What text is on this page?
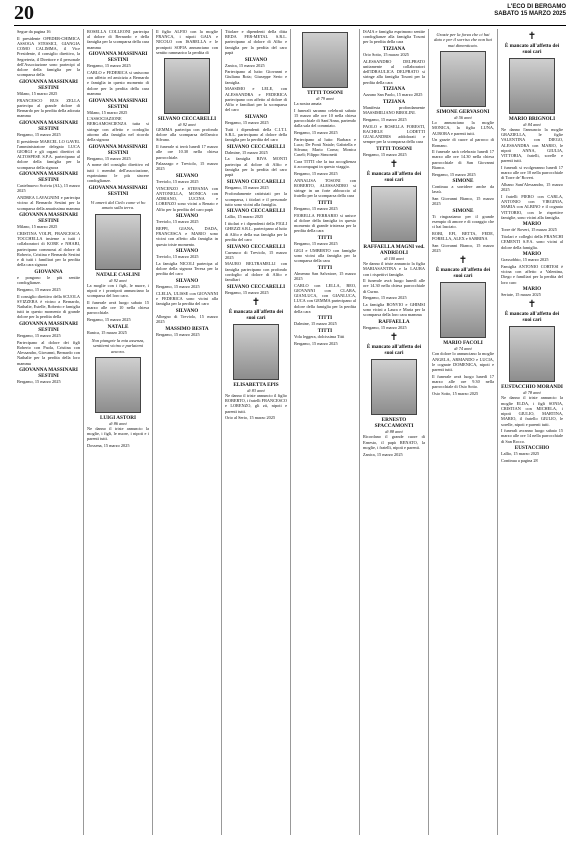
20	L'ECO DI BERGAMO
SABATO 15 MARZO 2025

Segue da pagina 16

Il presidente OPEDER-CHIMICA ASSOGA STESSICI, GIANGIA COMO CALIMMA, il Vice Presidente, il consiglio direttivo, la Segreteria, il Direttore e il personale dell'Associazione sono partecipi al dolore della famiglia per la scomparsa della

GIOVANNA MASSINARI SESTINI

Milano, 15 marzo 2025

FRANCESCO RUS ZELLA partecipa al grande dolore di Bernardo per la perdita della adorata mamma

GIOVANNA MASSINARI SESTINI

Bergamo, 15 marzo 2025

Il presidente MARCEL LO GAVEL l'amministratore delegato LUCA GIORGI e gli organi direttivi di ALTOSPESE S.P.A. partecipano al dolore della famiglia per la scomparsa della signora

GIOVANNA MASSINARI SESTINI

Castelnuovo Scrivia (AL), 15 marzo 2025

ANDREA LAVAGNINI e partecipa vicino al Bernardo Sestini per la scomparsa della amatissima mamma

GIOVANNA MASSINARI SESTINI

Milano, 15 marzo 2025

CRISTINA VOLPI, FRANCESCA TOCCHELLA insieme a tutti i collaboratori di KORE e NHABI, partecipano commossi al dolore di Roberto, Cristina e Bernardo Sestini e di tutti i familiari per la perdita della cara signora

GIOVANNA

e pongono le più sentite condoglianze.

Bergamo, 15 marzo 2025

Il consiglio direttivo della SCUOLA SVIZZERA è vicino a Bernardo, Nathalie, Estelle, Roberto e famiglia tutti in questo momento di grande dolore per la perdita della

GIOVANNA MASSINARI SESTINI

Bergamo, 15 marzo 2025

Partecipano al dolore dei figli Roberto con Paola, Cristina con Alessandro, Giovanni, Bernardo con Nathalie per la perdita della loro mamma

GIOVANNA MASSINARI SESTINI

Bergamo, 15 marzo 2025

ROSELLA COLLEONI partecipa al dolore di Bernardo e della famiglia per la scomparsa della cara mamma

GIOVANNA MASSINARI SESTINI

Bergamo, 15 marzo 2025

CARLO e FEDERICA si uniscono con affetto ed amicizia a Bernardo e famiglia in questo momento di dolore per la perdita della cara mamma

GIOVANNA MASSINARI SESTINI

Milano, 15 marzo 2025

L'ASSOCIAZIONE BERGAMOSCIENZA tutta si stringe con affetto e cordoglio attorno alla famiglia nel ricordo della signora

GIOVANNA MASSINARI SESTINI

Bergamo, 15 marzo 2025

A nome del consiglio direttivo ed tutti i membri dell'associazione, esprimiamo le più sincere condoglianze.

GIOVANNA MASSINARI SESTINI
Vi amerò dal Cielo come vi ho amato sulla terra.
NATALE CASLINI
di 92 anni

La moglie con i figli, le nuore, i nipoti e i pronipoti annunciano la scomparsa del loro caro.

Il funerale avrà luogo sabato 15 marzo alle ore 10 nella chiesa parrocchiale.

Bergamo, 15 marzo 2025

NATALE

Ranica, 15 marzo 2025

Non piangete la mia assenza, sentitemi vicino e parlatemi ancora.
LUIGI ASTORI
di 86 anni

Ne danno il triste annuncio la moglie, i figli, le nuore, i nipoti e i parenti tutti.

Dossena, 15 marzo 2025

Il figlio ALFIO con la moglie FRANCA, i nipoti GAIA e NICOLO con ISABELLA e le pronipoti SOFIA annunciano con sentito rammarico la perdita di

SILVANO CECCARELLI
di 92 anni

GEMMA partecipa con profondo dolore alla scomparsa dell'amico Silvano.

Il funerale si terrà lunedì 17 marzo alle ore 10.30 nella chiesa parrocchiale.

Palazzago e Treviolo, 15 marzo 2025

SILVANO

Treviolo, 15 marzo 2025

VINCENZO e STEFANIA con ANTONELLA, MONICA con ADRIANO, LUCINA e LORENZO sono vicini a Renato e Alfio per la perdita del caro papà

SILVANO

Treviolo, 15 marzo 2025

BEPPI, GIANA, DADA, FRANCESCA e MARIO sono vicini con affetto alla famiglia in questo triste momento.

SILVANO

Treviolo, 15 marzo 2025

La famiglia NICOLI partecipa al dolore della signora Teresa per la perdita del caro

SILVANO

Bergamo, 15 marzo 2025

CLELIA, ULISSE con GIOVANNI e FEDERICA sono vicini alla famiglia per la perdita del caro

SILVANO

Albegno di Treviolo, 15 marzo 2025

MASSIMO BESTA

Bergamo, 15 marzo 2025

Titolare e dipendenti della ditta REDA FER-METAL S.R.L. partecipano al dolore di Alfio e famiglia per la perdita del caro papà

SILVANO

Zanica, 15 marzo 2025

Partecipano al lutto: Giovanni e Giuliana Rota; Giuseppe Serio e famiglia.

MASSIMO e LELE, con ALESSANDRA e FEDERICA partecipano con affetto al dolore di Alfio e familiari per la scomparsa del caro

SILVANO

Bergamo, 15 marzo 2025

Tutti i dipendenti della C.I.T.I. S.R.L. partecipano al dolore della famiglia per la perdita del caro

SILVANO CECCARELLI

Dalmine, 15 marzo 2025

La famiglia RIVA MONTI partecipa al dolore di Alfio e famiglia per la perdita del caro papà

SILVANO CECCARELLI

Bergamo, 15 marzo 2025

Profondamente rattristati per la scomparsa, i titolari e il personale tutto sono vicini alla famiglia.

SILVANO CECCARELLI

Lallio, 15 marzo 2025

I titolari e i dipendenti della FIGLI GHEZZI S.R.L. partecipano al lutto di Alfio e della sua famiglia per la perdita del caro

SILVANO CECCARELLI

Curnasco di Treviolo, 15 marzo 2025

MAURO BELTRAMELLI con famiglia partecipano con profondo cordoglio al dolore di Alfio e familiari

SILVANO CECCARELLI

Bergamo, 15 marzo 2025

✝
È mancata all'affetto dei suoi cari
ELISABETTA EPIS
di 83 anni

Ne danno il triste annuncio il figlio ROBERTO, i fratelli FRANCESCO e LORENZO, gli zii, nipoti e parenti tutti.

Orio al Serio, 15 marzo 2025

TITTI TOSONI
di 79 anni

La nostra amata

I funerali saranno celebrati sabato 15 marzo alle ore 10 nella chiesa parrocchiale di Sant'Anna, partendo dalla sala del commiato.

Bergamo, 15 marzo 2025

Partecipano al lutto: Barbara e Luca; De Ponti Natale; Gabriella e Silvana; Mario Corna; Monica Caseli; Filippo Simonetti

Cara TITTI che la tua accoglienza ti accompagni in questo viaggio.

Bergamo, 15 marzo 2025

ANNALISA TOSONI con ROBERTO, ALESSANDRO si stringe in un forte abbraccio al fratello per la scomparsa della cara

TITTI

Bergamo, 15 marzo 2025

FIORELLA FERRARIO si unisce al dolore della famiglia in questo momento di grande tristezza per la perdita della cara

TITTI

Bergamo, 15 marzo 2025

GIGI e UMBERTO con famiglie sono vicini alla famiglia per la scomparsa della cara

TITTI

Almenno San Salvatore, 15 marzo 2025

CARLO con LELLA, BEO, GIOVANNI con CLARA, GIANLUCA, con GIANLUCA, LUCA con GEMMA partecipano al dolore della famiglia per la perdita della cara

TITTI

Dalmine, 15 marzo 2025

TITTI

Vola leggera, dolcissima Titti

Bergamo, 15 marzo 2025

ISAIA e famiglia esprimono sentite condoglianze alla famiglia Tosoni per la perdita della cara

TIZIANA

Orio Sotto, 15 marzo 2025

ALESSANDRO DELPRATO unitamente al collaboratori dell'IDRAULICA DELPRATO si stringe alla famiglia Tosoni per la perdita della cara

TIZIANA

Azzano San Paolo, 15 marzo 2025

TIZIANA

Manifesta profondamente MASSIMILIANO BIROLINI.

Bergamo, 15 marzo 2025

PAOLO e ROSELLA FORESTI, RACHELE LODETTI GUALANDRIS addolorati e sempre per la scomparsa della cara

TITTI TOSONI

Bergamo, 15 marzo 2025

✝
È mancata all'affetto dei suoi cari
RAFFAELLA MAGNI ved. ANDREOLI
di 100 anni

Ne danno il triste annuncio la figlia MARIASANTINA e la LAURA con i rispettivi famiglie.

Il funerale avrà luogo lunedì alle ore 14.30 nella chiesa parrocchiale di Curno.

Bergamo, 15 marzo 2025

La famiglia BONVIO e GHIMSI sono vicini a Laura e Maria per la scomparsa della loro cara mamma

RAFFAELLA

Bergamo, 15 marzo 2025

✝
È mancato all'affetto dei suoi cari
ERNESTO SPACCAMONTI
di 88 anni

Ricordano il grande cuore di Ernesto, il papà RENATO, la moglie, i fratelli, nipoti e parenti.

Zanica, 15 marzo 2025

Grazie per la forza che ci hai dato e per il sorriso che non hai mai dimenticato.
SIMONE GERVASONI
di 56 anni

Lo annunciano la moglie MONICA, la figlia LUNA, AURORA e parenti tutti.

Un grazie di cuore al parroco di Romano.

Il funerale sarà celebrato lunedì 17 marzo alle ore 14.30 nella chiesa parrocchiale di San Giovanni Bianco.

Bergamo, 15 marzo 2025

SIMONE

Continua a sorridere anche da lassù.

San Giovanni Bianco, 15 marzo 2025

SIMONE

Ti ringraziamo per il grande esempio di amore e di coraggio che ci hai lasciato.

ROBI, EFI, BETTA, FEDE, FORELLA, ALEX e SABRINA

San Giovanni Bianco, 15 marzo 2025

✝
È mancato all'affetto dei suoi cari
MARIO FACOLI
di 74 anni

Con dolore lo annunciano la moglie ANGELA, ARMANDO e LUCIA, le cognate DOMENICA, nipoti e parenti tutti.

Il funerale avrà luogo lunedì 17 marzo alle ore 9.30 nella parrocchiale di Osio Sotto.

Osio Sotto, 15 marzo 2025

✝
È mancato all'affetto dei suoi cari
MARIO BRIGNOLI
di 84 anni

Ne danno l'annuncio la moglie GRAZIELLA, le figlie VALENTINA con DIEGO, ALESSANDRA con MARIO, le nipoti ANNA, GIULIA, VITTORIA, fratelli, sorelle e parenti tutti.

I funerali si svolgeranno lunedì 17 marzo alle ore 10 nella parrocchiale di Torre de' Roveri.

Albano Sant'Alessandro, 15 marzo 2025

I fratelli PIERO con CARLA, ANTONIO con VIRGINIA, MARIA con ALBINO e il cognato VITTORIO, con le rispettive famiglie, sono vicini alla famiglia.

MARIO

Torre de' Roveri, 15 marzo 2025

Titolari e colleghi della FRANCHI CEMENTI S.P.A. sono vicini al dolore della famiglia.

MARIO

Grassobbio, 15 marzo 2025

Famiglia ANTONIO CORTESI è vicina con affetto a Valentina, Diego e familiari per la perdita del loro caro

MARIO

Seriate, 15 marzo 2025

✝
È mancato all'affetto dei suoi cari
EUSTACCHIO MORANDI
di 78 anni

Ne danno il triste annuncio la moglie ELDA, i figli SONIA, CRISTIAN con MICHELA, i nipoti GIULIO, MARTINA, MARIO, il fratello GIULIO, le sorelle, nipoti e parenti tutti.

I funerali avranno luogo sabato 15 marzo alle ore 14 nella parrocchiale di San Rocco.

EUSTACCHIO

Lallio, 15 marzo 2025

Continua a pagina 28
